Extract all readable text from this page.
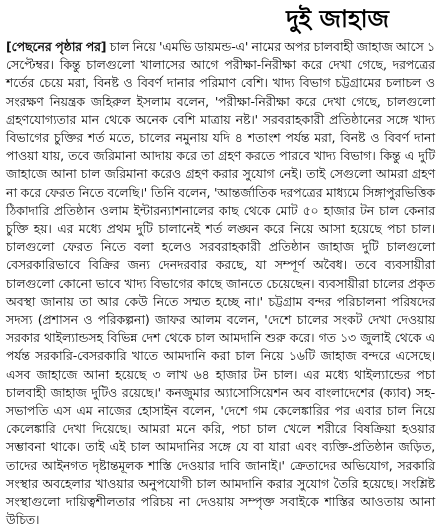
দুই জাহাজ

[পেছনের পৃষ্ঠার পর] চাল নিয়ে 'এমভি ডায়মন্ড-এ' নামের অপর চালবাহী জাহাজ আসে ১ সেপ্টেম্বর। কিন্তু চালগুলো খালাসের আগে পরীক্ষা-নিরীক্ষা করে দেখা গেছে, দরপত্রের শর্তের চেয়ে মরা, বিনষ্ট ও বিবর্ণ দানার পরিমাণ বেশি। খাদ্য বিভাগ চট্টগ্রামের চলাচল ও সংরক্ষণ নিয়ন্ত্রক জহিরুল ইসলাম বলেন, 'পরীক্ষা-নিরীক্ষা করে দেখা গেছে, চালগুলো গ্রহণযোগ্যতার মান থেকে অনেক বেশি মাত্রায় নষ্ট।' সরবরাহকারী প্রতিষ্ঠানের সঙ্গে খাদ্য বিভাগের চুক্তির শর্ত মতে, চালের নমুনায় যদি ৪ শতাংশ পর্যন্ত মরা, বিনষ্ট ও বিবর্ণ দানা পাওয়া যায়, তবে জরিমানা আদায় করে তা গ্রহণ করতে পারবে খাদ্য বিভাগ। কিন্তু এ দুটি জাহাজে আনা চাল জরিমানা করেও গ্রহণ করার সুযোগ নেই। তাই সেগুলো আমরা গ্রহণ না করে ফেরত নিতে বলেছি।' তিনি বলেন, 'আন্তর্জাতিক দরপত্রের মাধ্যমে সিঙ্গাপুরভিত্তিক ঠিকাদারি প্রতিষ্ঠান ওলাম ইন্টারন্যাশনালের কাছ থেকে মোট ৫০ হাজার টন চাল কেনার চুক্তি হয়। এর মধ্যে প্রথম দুটি চালানেই শর্ত লঙ্ঘন করে নিয়ে আসা হয়েছে পচা চাল। চালগুলো ফেরত নিতে বলা হলেও সরবরাহকারী প্রতিষ্ঠান জাহাজ দুটি চালগুলো বেসরকারিভাবে বিক্রির জন্য দেনদরবার করছে, যা সম্পূর্ণ অবৈধ। তবে ব্যবসায়ীরা চালগুলো কোনো ভাবে খাদ্য বিভাগের কাছে জানতে চেয়েছেন। ব্যবসায়ীরা চালের প্রকৃত অবস্থা জানায় তা আর কেউ নিতে সম্মত হচ্ছে না।' চট্টগ্রাম বন্দর পরিচালনা পরিষদের সদস্য (প্রশাসন ও পরিকল্পনা) জাফর আলম বলেন, 'দেশে চালের সংকট দেখা দেওয়ায় সরকার থাইল্যান্ডসহ বিভিন্ন দেশ থেকে চাল আমদানি শুরু করে। গত ১৩ জুলাই থেকে এ পর্যন্ত সরকারি-বেসরকারি খাতে আমদানি করা চাল নিয়ে ১৬টি জাহাজ বন্দরে এসেছে। এসব জাহাজে আনা হয়েছে ৩ লাখ ৬৪ হাজার টন চাল। এর মধ্যে থাইল্যান্ডের পচা চালবাহী জাহাজ দুটিও রয়েছে।' কনজুমার অ্যাসোসিয়েশন অব বাংলাদেশের (ক্যাব) সহ-সভাপতি এস এম নাজের হোসাইন বলেন, 'দেশে গম কেলেঙ্কারির পর এবার চাল নিয়ে কেলেঙ্কারি দেখা দিয়েছে। আমরা মনে করি, পচা চাল খেলে শরীরে বিষক্রিয়া হওয়ার সম্ভাবনা থাকে। তাই এই চাল আমদানির সঙ্গে যে বা যারা এবং ব্যক্তি-প্রতিষ্ঠান জড়িত, তাদের আইনগত দৃষ্টান্তমূলক শাস্তি দেওয়ার দাবি জানাই।' ক্রেতাদের অভিযোগ, সরকারি সংস্থার অবহেলার খাওয়ার অনুপযোগী চাল আমদানি করার সুযোগ তৈরি হয়েছে। সংশ্লিষ্ট সংস্থাগুলো দায়িত্বশীলতার পরিচয় না দেওয়ায় সম্পৃক্ত সবাইকে শাস্তির আওতায় আনা উচিত।
